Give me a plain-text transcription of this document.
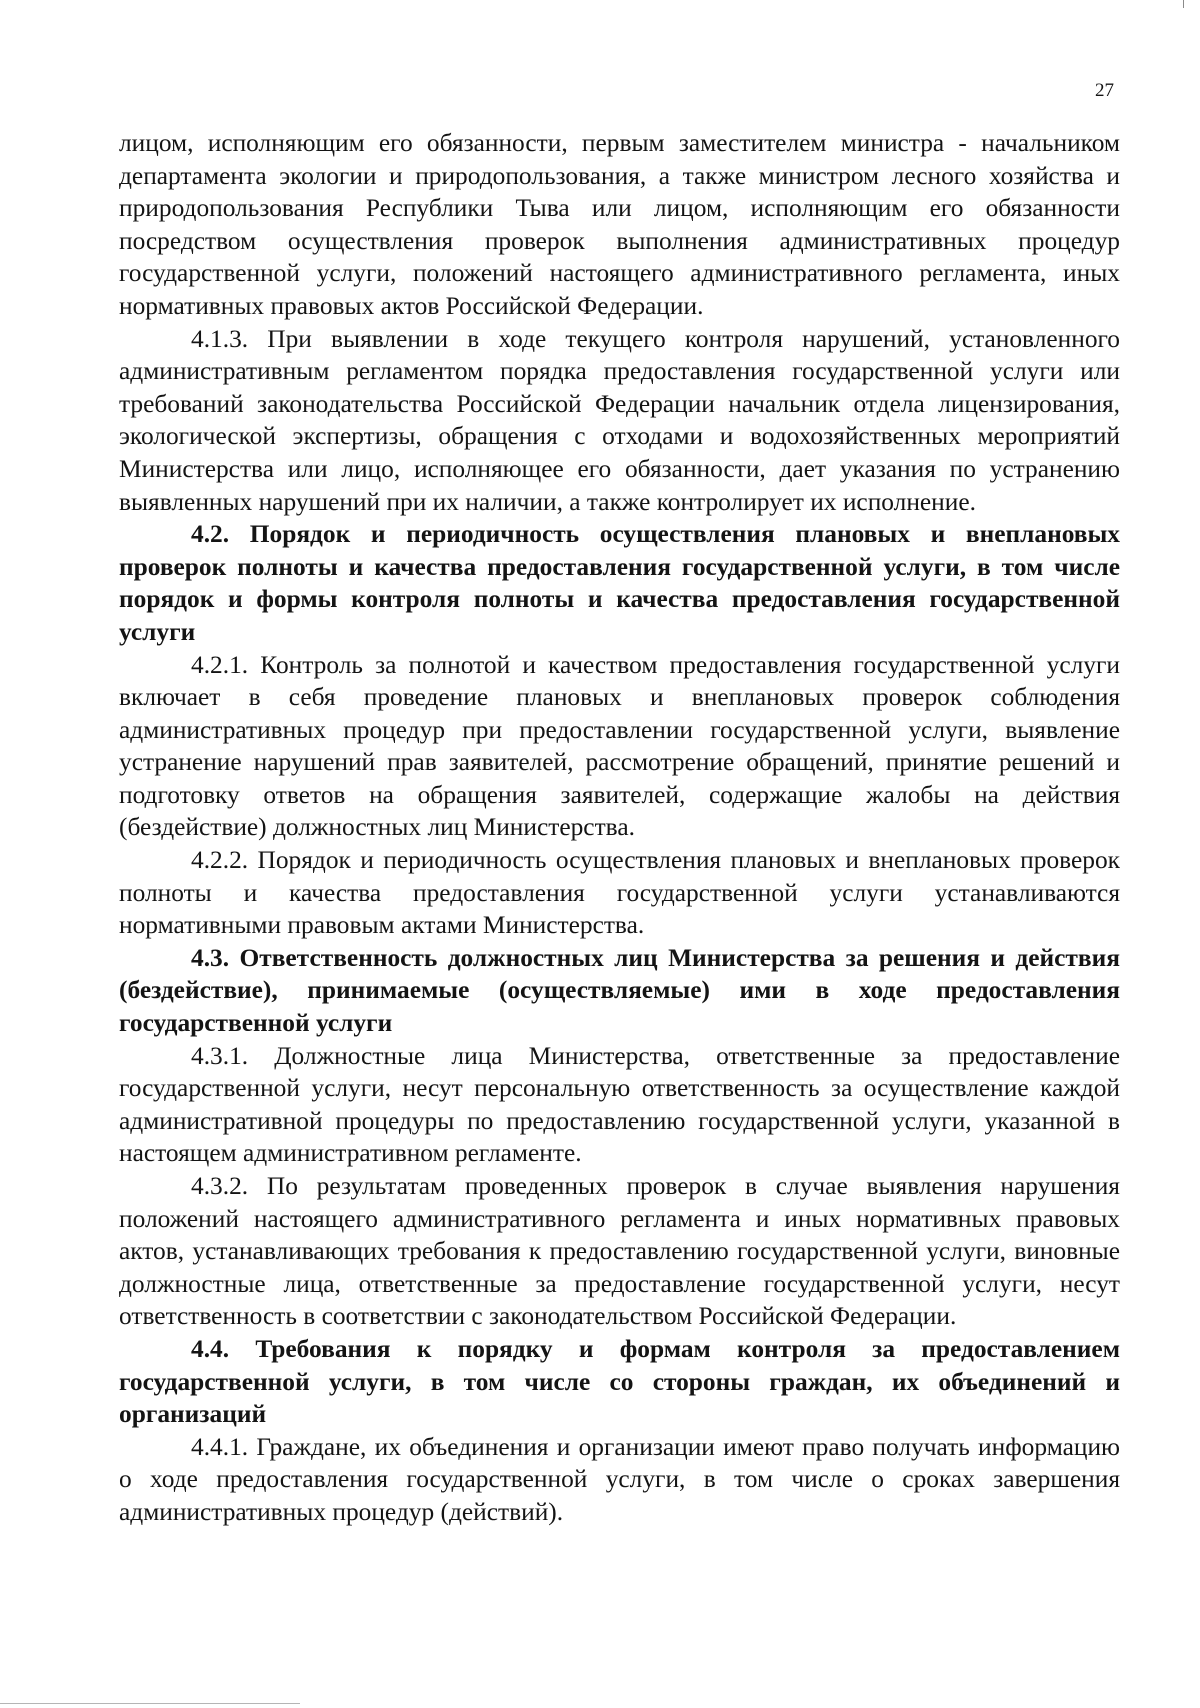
27

лицом, исполняющим его обязанности, первым заместителем министра - начальником департамента экологии и природопользования, а также министром лесного хозяйства и природопользования Республики Тыва или лицом, исполняющим его обязанности посредством осуществления проверок выполнения административных процедур государственной услуги, положений настоящего административного регламента, иных нормативных правовых актов Российской Федерации.

4.1.3. При выявлении в ходе текущего контроля нарушений, установленного административным регламентом порядка предоставления государственной услуги или требований законодательства Российской Федерации начальник отдела лицензирования, экологической экспертизы, обращения с отходами и водохозяйственных мероприятий Министерства или лицо, исполняющее его обязанности, дает указания по устранению выявленных нарушений при их наличии, а также контролирует их исполнение.

4.2. Порядок и периодичность осуществления плановых и внеплановых проверок полноты и качества предоставления государственной услуги, в том числе порядок и формы контроля полноты и качества предоставления государственной услуги

4.2.1. Контроль за полнотой и качеством предоставления государственной услуги включает в себя проведение плановых и внеплановых проверок соблюдения административных процедур при предоставлении государственной услуги, выявление устранение нарушений прав заявителей, рассмотрение обращений, принятие решений и подготовку ответов на обращения заявителей, содержащие жалобы на действия (бездействие) должностных лиц Министерства.

4.2.2. Порядок и периодичность осуществления плановых и внеплановых проверок полноты и качества предоставления государственной услуги устанавливаются нормативными правовым актами Министерства.

4.3. Ответственность должностных лиц Министерства за решения и действия (бездействие), принимаемые (осуществляемые) ими в ходе предоставления государственной услуги

4.3.1. Должностные лица Министерства, ответственные за предоставление государственной услуги, несут персональную ответственность за осуществление каждой административной процедуры по предоставлению государственной услуги, указанной в настоящем административном регламенте.

4.3.2. По результатам проведенных проверок в случае выявления нарушения положений настоящего административного регламента и иных нормативных правовых актов, устанавливающих требования к предоставлению государственной услуги, виновные должностные лица, ответственные за предоставление государственной услуги, несут ответственность в соответствии с законодательством Российской Федерации.

4.4. Требования к порядку и формам контроля за предоставлением государственной услуги, в том числе со стороны граждан, их объединений и организаций

4.4.1. Граждане, их объединения и организации имеют право получать информацию о ходе предоставления государственной услуги, в том числе о сроках завершения административных процедур (действий).
